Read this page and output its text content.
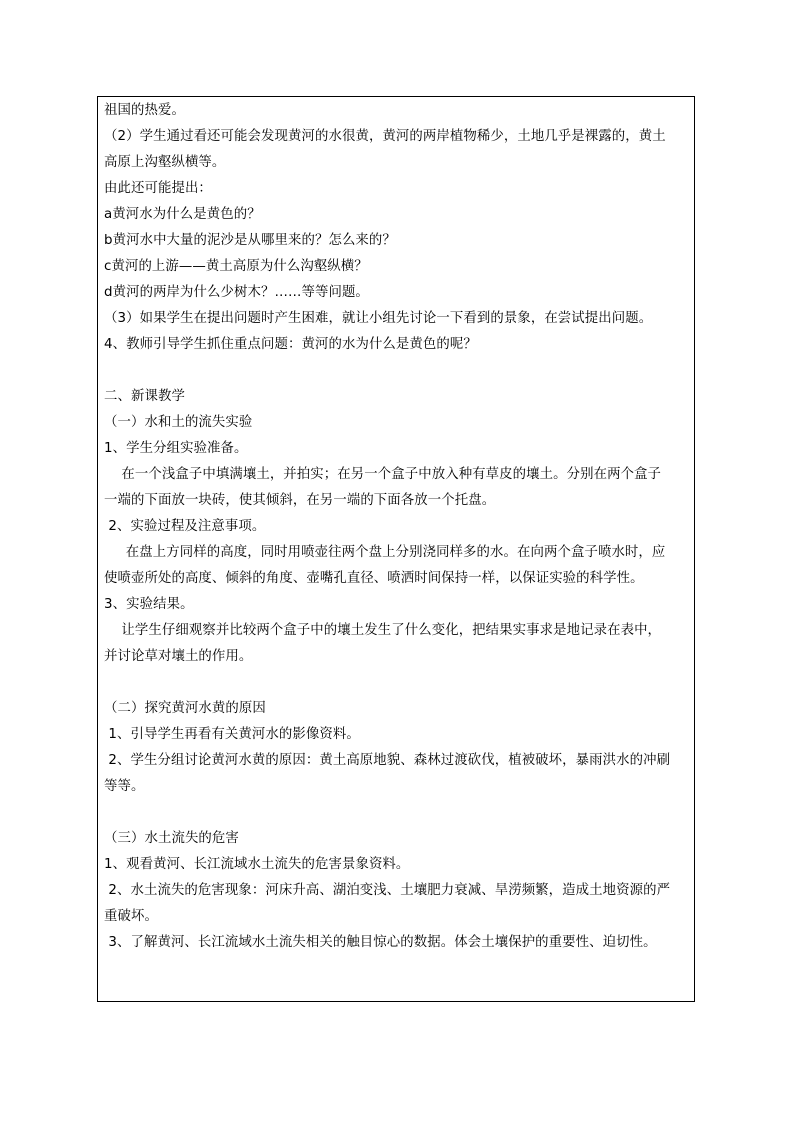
祖国的热爱。
（2）学生通过看还可能会发现黄河的水很黄，黄河的两岸植物稀少，土地几乎是裸露的，黄土
高原上沟壑纵横等。
由此还可能提出：
a黄河水为什么是黄色的？
b黄河水中大量的泥沙是从哪里来的？怎么来的？
c黄河的上游——黄土高原为什么沟壑纵横？
d黄河的两岸为什么少树木？……等等问题。
（3）如果学生在提出问题时产生困难，就让小组先讨论一下看到的景象，在尝试提出问题。
4、教师引导学生抓住重点问题：黄河的水为什么是黄色的呢？
二、新课教学
（一）水和土的流失实验
1、学生分组实验准备。
在一个浅盒子中填满壤土，并拍实；在另一个盒子中放入种有草皮的壤土。分别在两个盒子
一端的下面放一块砖，使其倾斜，在另一端的下面各放一个托盘。
2、实验过程及注意事项。
在盘上方同样的高度，同时用喷壶往两个盘上分别浇同样多的水。在向两个盒子喷水时，应
使喷壶所处的高度、倾斜的角度、壶嘴孔直径、喷洒时间保持一样，以保证实验的科学性。
3、实验结果。
让学生仔细观察并比较两个盒子中的壤土发生了什么变化，把结果实事求是地记录在表中，
并讨论草对壤土的作用。
（二）探究黄河水黄的原因
1、引导学生再看有关黄河水的影像资料。
2、学生分组讨论黄河水黄的原因：黄土高原地貌、森林过渡砍伐，植被破坏，暴雨洪水的冲刷
等等。
（三）水土流失的危害
1、观看黄河、长江流域水土流失的危害景象资料。
2、水土流失的危害现象：河床升高、湖泊变浅、土壤肥力衰减、旱涝频繁，造成土地资源的严
重破坏。
3、了解黄河、长江流域水土流失相关的触目惊心的数据。体会土壤保护的重要性、迫切性。
